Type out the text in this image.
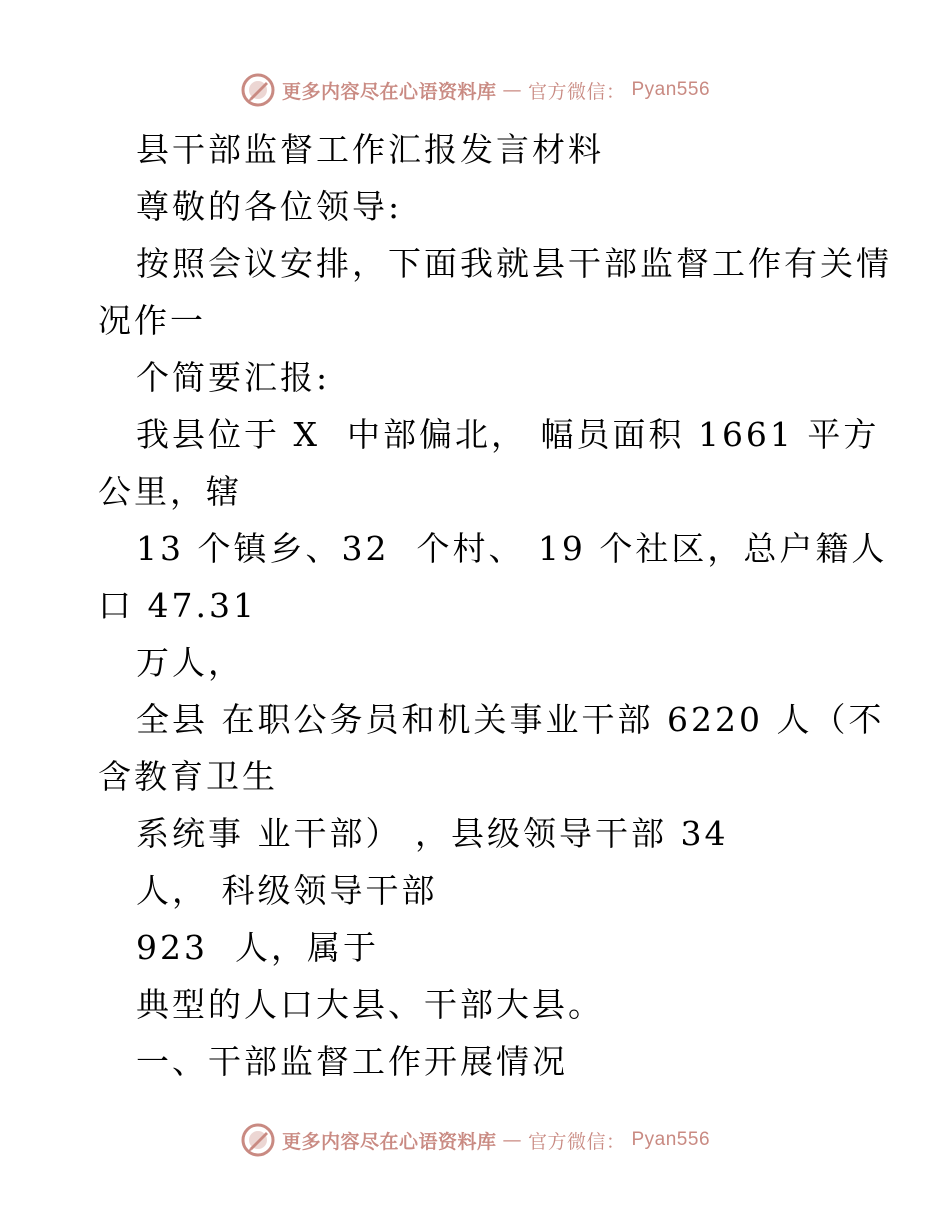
更多内容尽在心语资料库 — 官方微信： Pyan556
县干部监督工作汇报发言材料
尊敬的各位领导:
按照会议安排，下面我就县干部监督工作有关情
况作一
个简要汇报:
我县位于 X  中部偏北， 幅员面积 1661 平方
公里，辖
13 个镇乡、32  个村、 19 个社区，总户籍人
口 47.31
万人，
全县 在职公务员和机关事业干部 6220 人（不
含教育卫生
系统事 业干部） ，县级领导干部 34
人， 科级领导干部
923  人，属于
典型的人口大县、干部大县。
一、干部监督工作开展情况
更多内容尽在心语资料库 — 官方微信： Pyan556
